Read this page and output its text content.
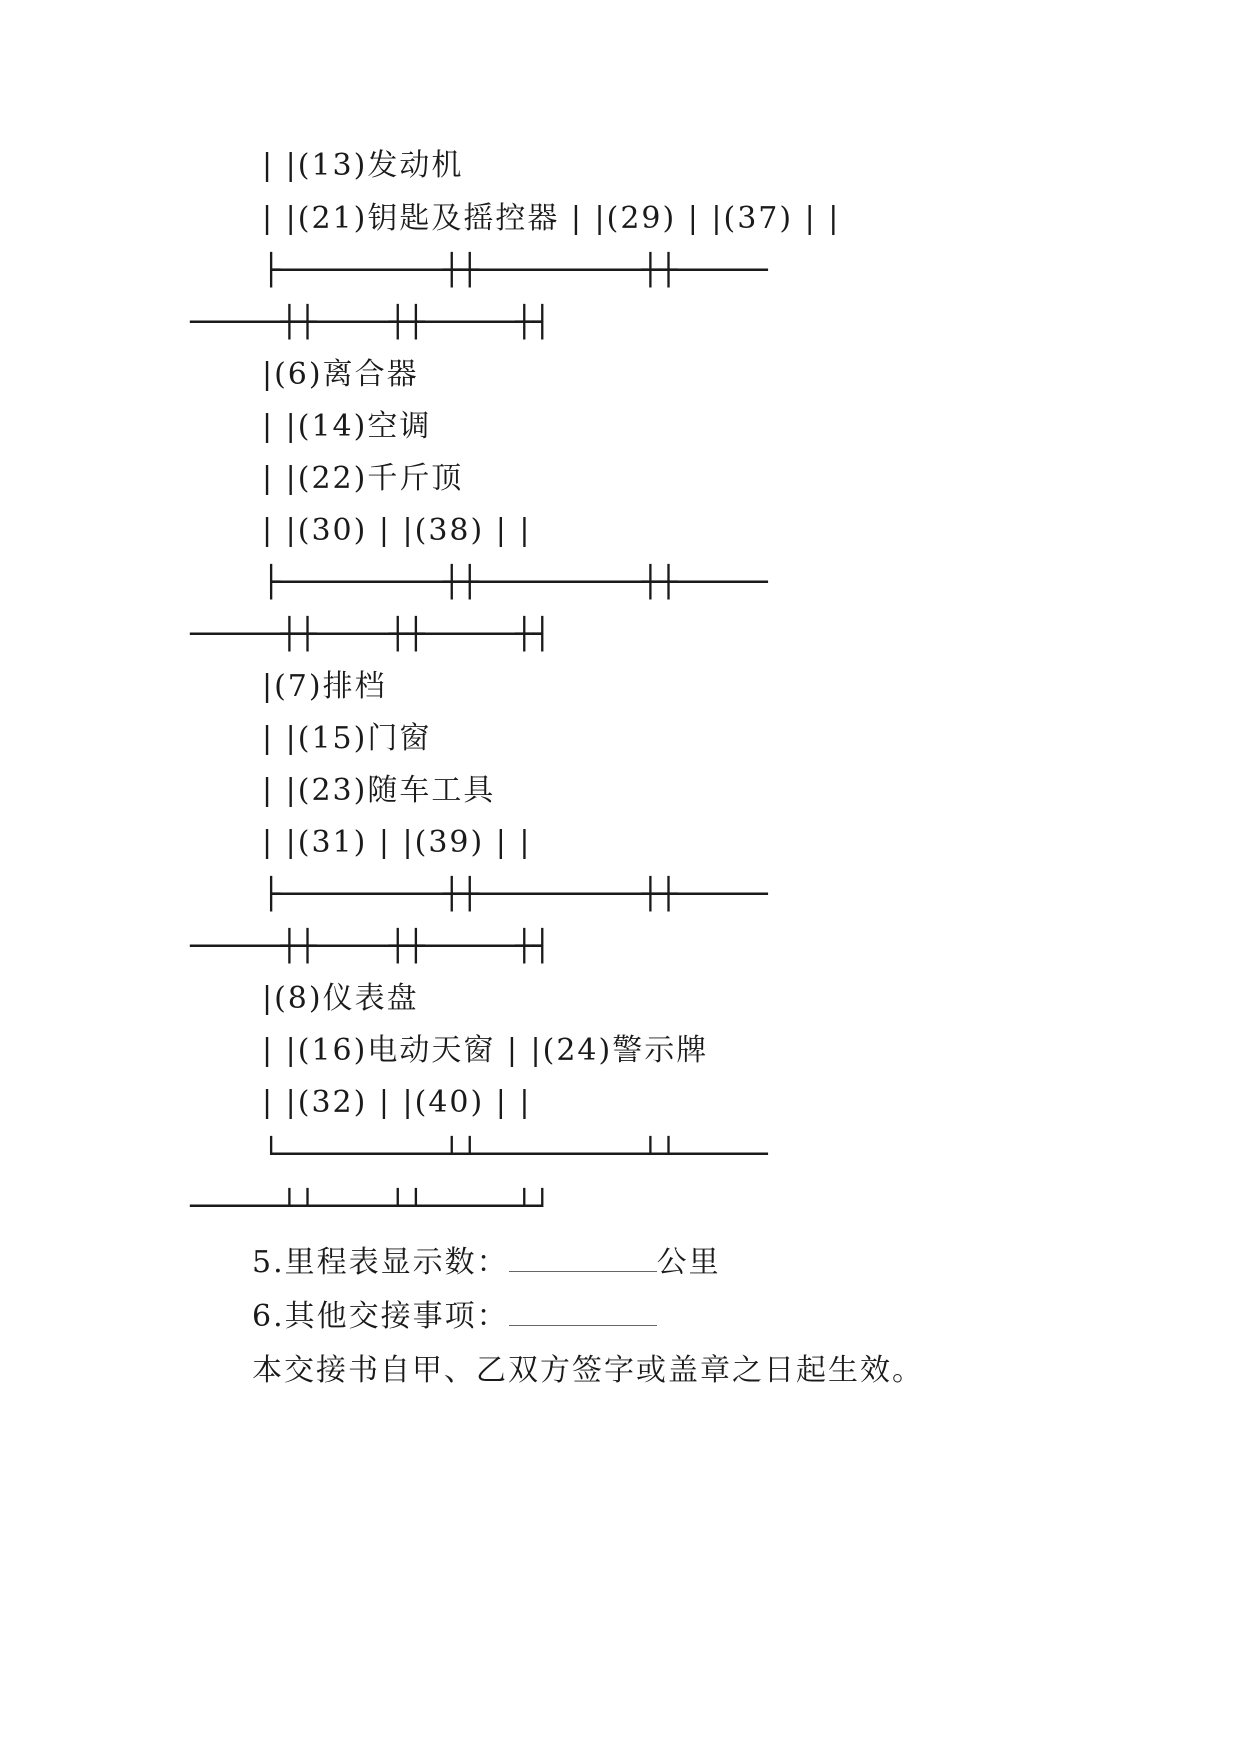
| |(13)发动机
| |(21)钥匙及摇控器 | |(29) | |(37) | |
├─────────┼┼─────────┼┼─────
─────┼┼────┼┼─────┼┤
|(6)离合器
| |(14)空调
| |(22)千斤顶
| |(30) | |(38) | |
├─────────┼┼─────────┼┼─────
─────┼┼────┼┼─────┼┤
|(7)排档
| |(15)门窗
| |(23)随车工具
| |(31) | |(39) | |
├─────────┼┼─────────┼┼─────
─────┼┼────┼┼─────┼┤
|(8)仪表盘
| |(16)电动天窗 | |(24)警示牌
| |(32) | |(40) | |
└─────────┴┴─────────┴┴─────
─────┴┴────┴┴─────┴┘
5.里程表显示数：	公里
6.其他交接事项：
本交接书自甲、乙双方签字或盖章之日起生效。
